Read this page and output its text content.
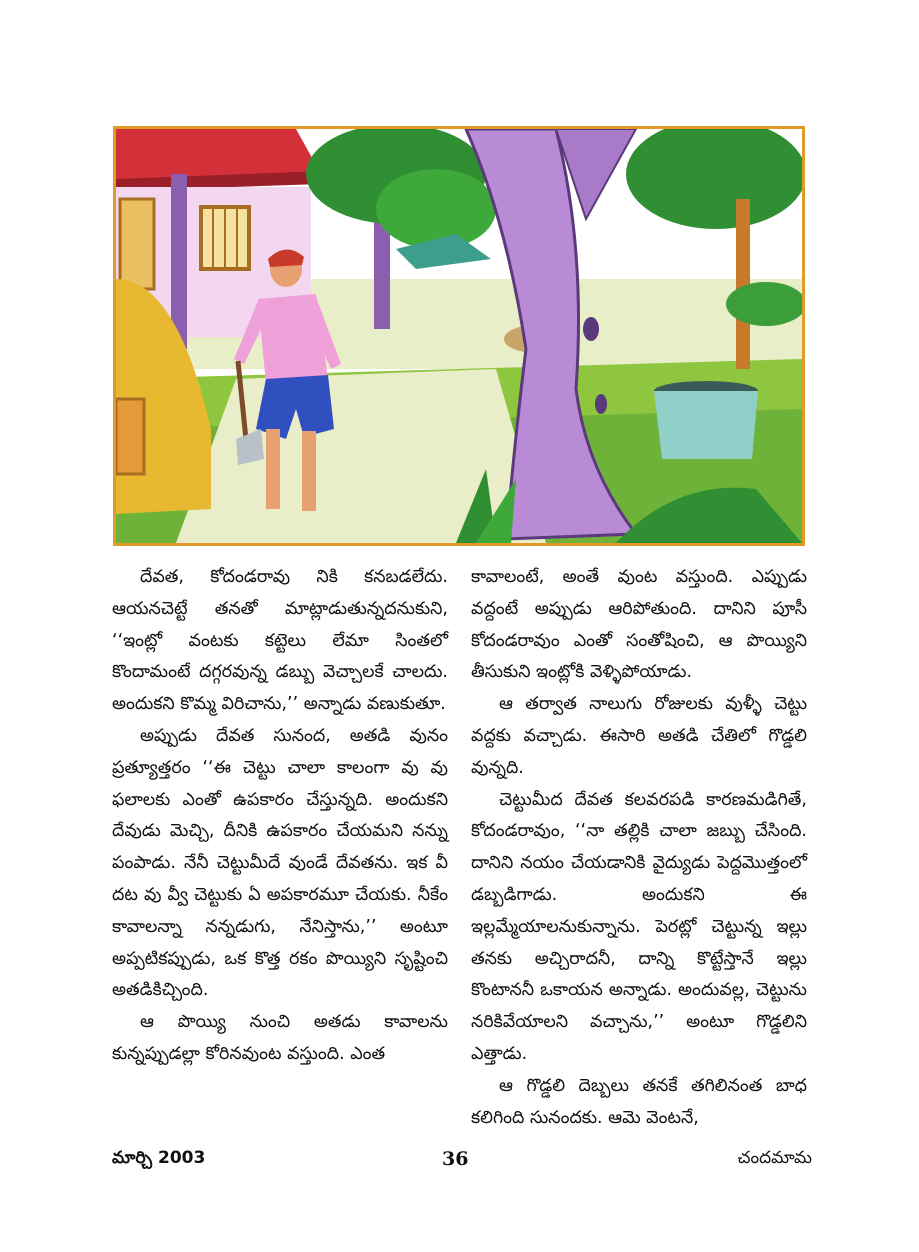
దేవత, కోదండరావు నికి కనబడలేదు. ఆయనచెట్టే తనతో మాట్లాడుతున్నదనుకుని, ‘‘ఇంట్లో వంటకు కట్టెలు లేమా సింతలో కొందామంటే దగ్గరవున్న డబ్బు వెచ్చాలకే చాలదు. అందుకని కొమ్మ విరిచాను,’’ అన్నాడు వణుకుతూ.

అప్పుడు దేవత సునంద, అతడి వునం ప్రత్యూత్తరం ‘‘ఈ చెట్టు చాలా కాలంగా వు వు ఫలాలకు ఎంతో ఉపకారం చేస్తున్నది. అందుకని దేవుడు మెచ్చి, దీనికి ఉపకారం చేయమని నన్ను పంపాడు. నేనీ చెట్టుమీదే వుండే దేవతను. ఇక వీ దట వు వ్వీ చెట్టుకు ఏ అపకారమూ చేయకు. నీకేం కావాలన్నా నన్నడుగు, నేనిస్తాను,’’ అంటూ అప్పటికప్పుడు, ఒక కొత్త రకం పొయ్యిని సృష్టించి అతడికిచ్చింది.

ఆ పొయ్యి నుంచి అతడు కావాలను కున్నప్పుడల్లా కోరినవుంట వస్తుంది. ఎంత

కావాలంటే, అంతే వుంట వస్తుంది. ఎప్పుడు వద్దంటే అప్పుడు ఆరిపోతుంది. దానిని పూసీ కోదండరావుం ఎంతో సంతోషించి, ఆ పొయ్యిని తీసుకుని ఇంట్లోకి వెళ్ళిపోయాడు.

ఆ తర్వాత నాలుగు రోజులకు వుళ్ళీ చెట్టు వద్దకు వచ్చాడు. ఈసారి అతడి చేతిలో గొడ్డలి వున్నది.

చెట్టుమీద దేవత కలవరపడి కారణమడిగితే, కోదండరావుం, ‘‘నా తల్లికి చాలా జబ్బు చేసింది. దానిని నయం చేయడానికి వైద్యుడు పెద్దమొత్తంలో డబ్బడిగాడు. అందుకని ఈ ఇల్లమ్మేయాలనుకున్నాను. పెరట్లో చెట్టున్న ఇల్లు తనకు అచ్చిరాదనీ, దాన్ని కొట్టేస్తానే ఇల్లు కొంటాననీ ఒకాయన అన్నాడు. అందువల్ల, చెట్టును నరికివేయాలని వచ్చాను,’’ అంటూ గొడ్డలిని ఎత్తాడు.

ఆ గొడ్డలి దెబ్బలు తనకే తగిలినంత బాధ కలిగింది సునందకు. ఆమె వెంటనే,

మార్చి 2003	36	చందమామ
